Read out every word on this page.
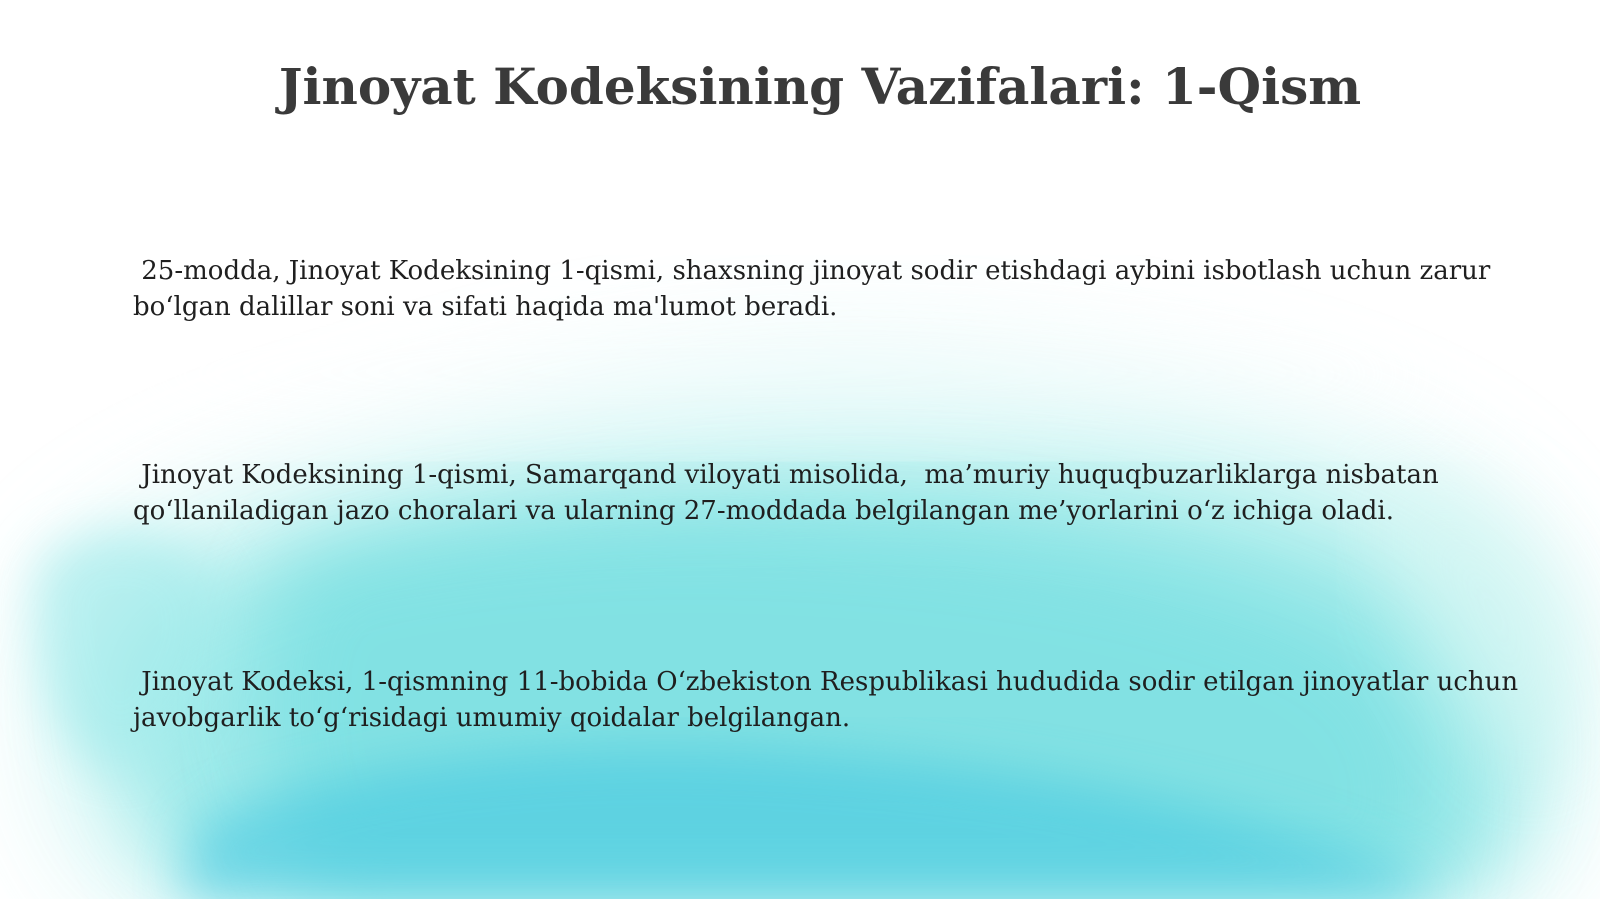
Jinoyat Kodeksining Vazifalari: 1-Qism

25-modda, Jinoyat Kodeksining 1-qismi, shaxsning jinoyat sodir etishdagi aybini isbotlash uchun zarur bo‘lgan dalillar soni va sifati haqida ma'lumot beradi.

Jinoyat Kodeksining 1-qismi, Samarqand viloyati misolida,  ma’muriy huquqbuzarliklarga nisbatan qo‘llaniladigan jazo choralari va ularning 27-moddada belgilangan me’yorlarini o‘z ichiga oladi.

Jinoyat Kodeksi, 1-qismning 11-bobida O‘zbekiston Respublikasi hududida sodir etilgan jinoyatlar uchun javobgarlik to‘g‘risidagi umumiy qoidalar belgilangan.
